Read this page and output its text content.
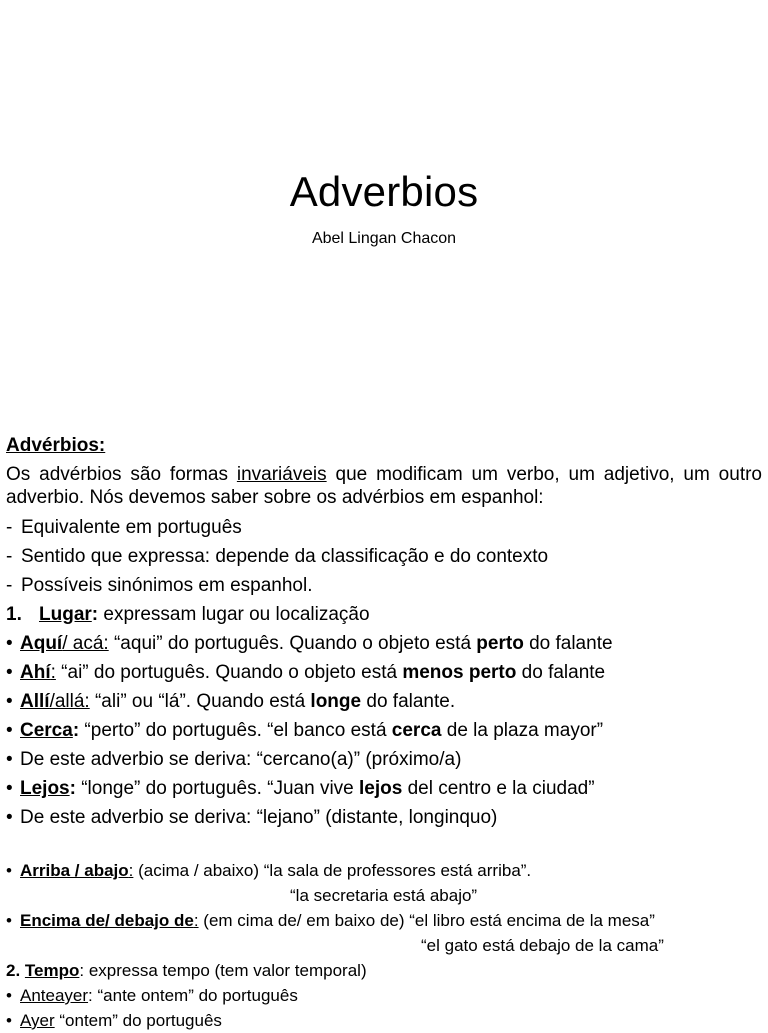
Adverbios
Abel Lingan Chacon
Advérbios:
Os advérbios são formas invariáveis que modificam um verbo, um adjetivo, um outro adverbio. Nós devemos saber sobre os advérbios em espanhol:
- Equivalente em português
- Sentido que expressa: depende da classificação e do contexto
- Possíveis sinónimos em espanhol.
1. Lugar: expressam lugar ou localização
• Aquí/ acá: “aqui” do português. Quando o objeto está perto do falante
• Ahí: “ai” do português. Quando o objeto está menos perto do falante
• Allí/allá: “ali” ou “lá”. Quando está longe do falante.
• Cerca: “perto” do português. “el banco está cerca de la plaza mayor”
• De este adverbio se deriva: “cercano(a)” (próximo/a)
• Lejos: “longe” do português. “Juan vive lejos del centro e la ciudad”
• De este adverbio se deriva: “lejano” (distante, longinquo)
• Arriba / abajo: (acima / abaixo) “la sala de professores está arriba”.
“la secretaria está abajo”
• Encima de/ debajo de: (em cima de/ em baixo de) “el libro está encima de la mesa”
“el gato está debajo de la cama”
2. Tempo: expressa tempo (tem valor temporal)
• Anteayer: “ante ontem” do português
• Ayer “ontem” do português
